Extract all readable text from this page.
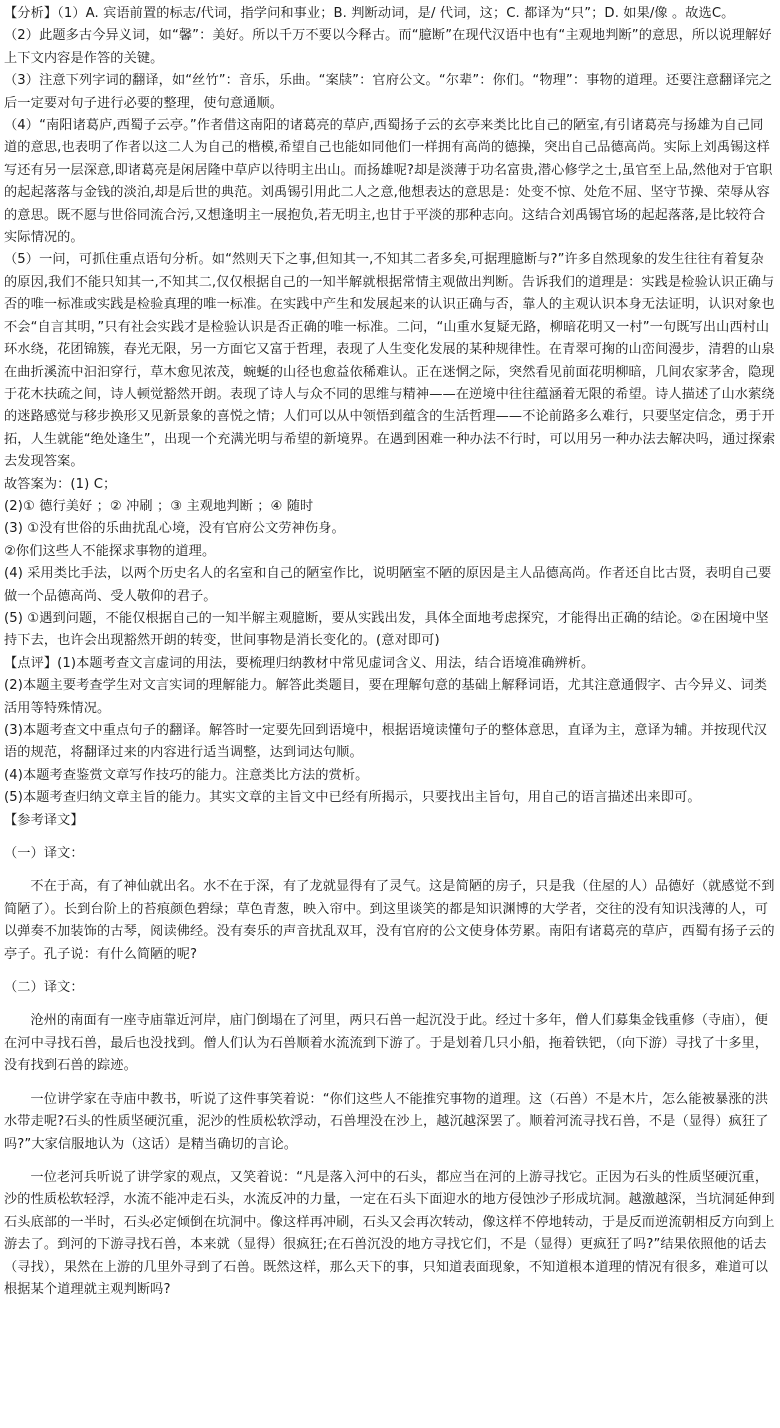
【分析】（1）A. 宾语前置的标志/代词，指学问和事业；B. 判断动词，是/ 代词，这；C. 都译为“只”；D. 如果/像 。故选C。

（2）此题多古今异义词，如“馨”：美好。所以千万不要以今释古。而“臆断”在现代汉语中也有“主观地判断”的意思，所以说理解好上下文内容是作答的关键。

（3）注意下列字词的翻译，如“丝竹”：音乐，乐曲。“案牍”：官府公文。“尔辈”：你们。“物理”：事物的道理。还要注意翻译完之后一定要对句子进行必要的整理，使句意通顺。

（4）“南阳诸葛庐,西蜀子云亭。”作者借这南阳的诸葛亮的草庐,西蜀扬子云的玄亭来类比比自己的陋室,有引诸葛亮与扬雄为自己同道的意思,也表明了作者以这二人为自己的楷模,希望自己也能如同他们一样拥有高尚的德操，突出自己品德高尚。实际上刘禹锡这样写还有另一层深意,即诸葛亮是闲居隆中草庐以待明主出山。而扬雄呢?却是淡薄于功名富贵,潜心修学之士,虽官至上品,然他对于官职的起起落落与金钱的淡泊,却是后世的典范。刘禹锡引用此二人之意,他想表达的意思是：处变不惊、处危不屈、坚守节操、荣辱从容的意思。既不愿与世俗同流合污,又想逢明主一展抱负,若无明主,也甘于平淡的那种志向。这结合刘禹锡官场的起起落落,是比较符合实际情况的。

（5）一问，可抓住重点语句分析。如“然则天下之事,但知其一,不知其二者多矣,可据理臆断与?”许多自然现象的发生往往有着复杂的原因,我们不能只知其一,不知其二,仅仅根据自己的一知半解就根据常情主观做出判断。告诉我们的道理是：实践是检验认识正确与否的唯一标准或实践是检验真理的唯一标准。在实践中产生和发展起来的认识正确与否，靠人的主观认识本身无法证明，认识对象也不会“自言其明，”只有社会实践才是检验认识是否正确的唯一标准。二问，“山重水复疑无路，柳暗花明又一村”一句既写出山西村山环水绕，花团锦簇，春光无限，另一方面它又富于哲理，表现了人生变化发展的某种规律性。在青翠可掬的山峦间漫步，清碧的山泉在曲折溪流中汩汩穿行，草木愈见浓茂，蜿蜒的山径也愈益依稀难认。正在迷惘之际，突然看见前面花明柳暗，几间农家茅舍，隐现于花木扶疏之间，诗人顿觉豁然开朗。表现了诗人与众不同的思维与精神——在逆境中往往蕴涵着无限的希望。诗人描述了山水萦绕的迷路感觉与移步换形又见新景象的喜悦之情；人们可以从中领悟到蕴含的生活哲理——不论前路多么难行，只要坚定信念，勇于开拓，人生就能“绝处逢生”，出现一个充满光明与希望的新境界。在遇到困难一种办法不行时，可以用另一种办法去解决吗，通过探索去发现答案。

故答案为：(1) C；

(2)① 德行美好 ；② 冲刷 ；③ 主观地判断 ；④ 随时

(3) ①没有世俗的乐曲扰乱心境，没有官府公文劳神伤身。

②你们这些人不能探求事物的道理。

(4) 采用类比手法，以两个历史名人的名室和自己的陋室作比，说明陋室不陋的原因是主人品德高尚。作者还自比古贤，表明自己要做一个品德高尚、受人敬仰的君子。

(5) ①遇到问题，不能仅根据自己的一知半解主观臆断，要从实践出发，具体全面地考虑探究，才能得出正确的结论。②在困境中坚持下去，也许会出现豁然开朗的转变，世间事物是消长变化的。(意对即可)

【点评】(1)本题考查文言虚词的用法，要梳理归纳教材中常见虚词含义、用法，结合语境准确辨析。

(2)本题主要考查学生对文言实词的理解能力。解答此类题目，要在理解句意的基础上解释词语，尤其注意通假字、古今异义、词类活用等特殊情况。

(3)本题考查文中重点句子的翻译。解答时一定要先回到语境中，根据语境读懂句子的整体意思，直译为主，意译为辅。并按现代汉语的规范，将翻译过来的内容进行适当调整，达到词达句顺。

(4)本题考查鉴赏文章写作技巧的能力。注意类比方法的赏析。

(5)本题考查归纳文章主旨的能力。其实文章的主旨文中已经有所揭示，只要找出主旨句，用自己的语言描述出来即可。

【参考译文】

（一）译文：

不在于高，有了神仙就出名。水不在于深，有了龙就显得有了灵气。这是简陋的房子，只是我（住屋的人）品德好（就感觉不到简陋了）。长到台阶上的苔痕颜色碧绿；草色青葱，映入帘中。到这里谈笑的都是知识渊博的大学者，交往的没有知识浅薄的人，可以弹奏不加装饰的古琴，阅读佛经。没有奏乐的声音扰乱双耳，没有官府的公文使身体劳累。南阳有诸葛亮的草庐，西蜀有扬子云的亭子。孔子说：有什么简陋的呢?

（二）译文：

沧州的南面有一座寺庙靠近河岸，庙门倒塌在了河里，两只石兽一起沉没于此。经过十多年，僧人们募集金钱重修（寺庙），便在河中寻找石兽，最后也没找到。僧人们认为石兽顺着水流流到下游了。于是划着几只小船，拖着铁钯，（向下游）寻找了十多里，没有找到石兽的踪迹。

一位讲学家在寺庙中教书，听说了这件事笑着说：“你们这些人不能推究事物的道理。这（石兽）不是木片，怎么能被暴涨的洪水带走呢?石头的性质坚硬沉重，泥沙的性质松软浮动，石兽埋没在沙上，越沉越深罢了。顺着河流寻找石兽，不是（显得）疯狂了吗?”大家信服地认为（这话）是精当确切的言论。

一位老河兵听说了讲学家的观点，又笑着说：“凡是落入河中的石头，都应当在河的上游寻找它。正因为石头的性质坚硬沉重，沙的性质松软轻浮，水流不能冲走石头，水流反冲的力量，一定在石头下面迎水的地方侵蚀沙子形成坑洞。越激越深，当坑洞延伸到石头底部的一半时，石头必定倾倒在坑洞中。像这样再冲刷，石头又会再次转动，像这样不停地转动，于是反而逆流朝相反方向到上游去了。到河的下游寻找石兽，本来就（显得）很疯狂;在石兽沉没的地方寻找它们，不是（显得）更疯狂了吗?”结果依照他的话去（寻找），果然在上游的几里外寻到了石兽。既然这样，那么天下的事，只知道表面现象，不知道根本道理的情况有很多，难道可以根据某个道理就主观判断吗?
